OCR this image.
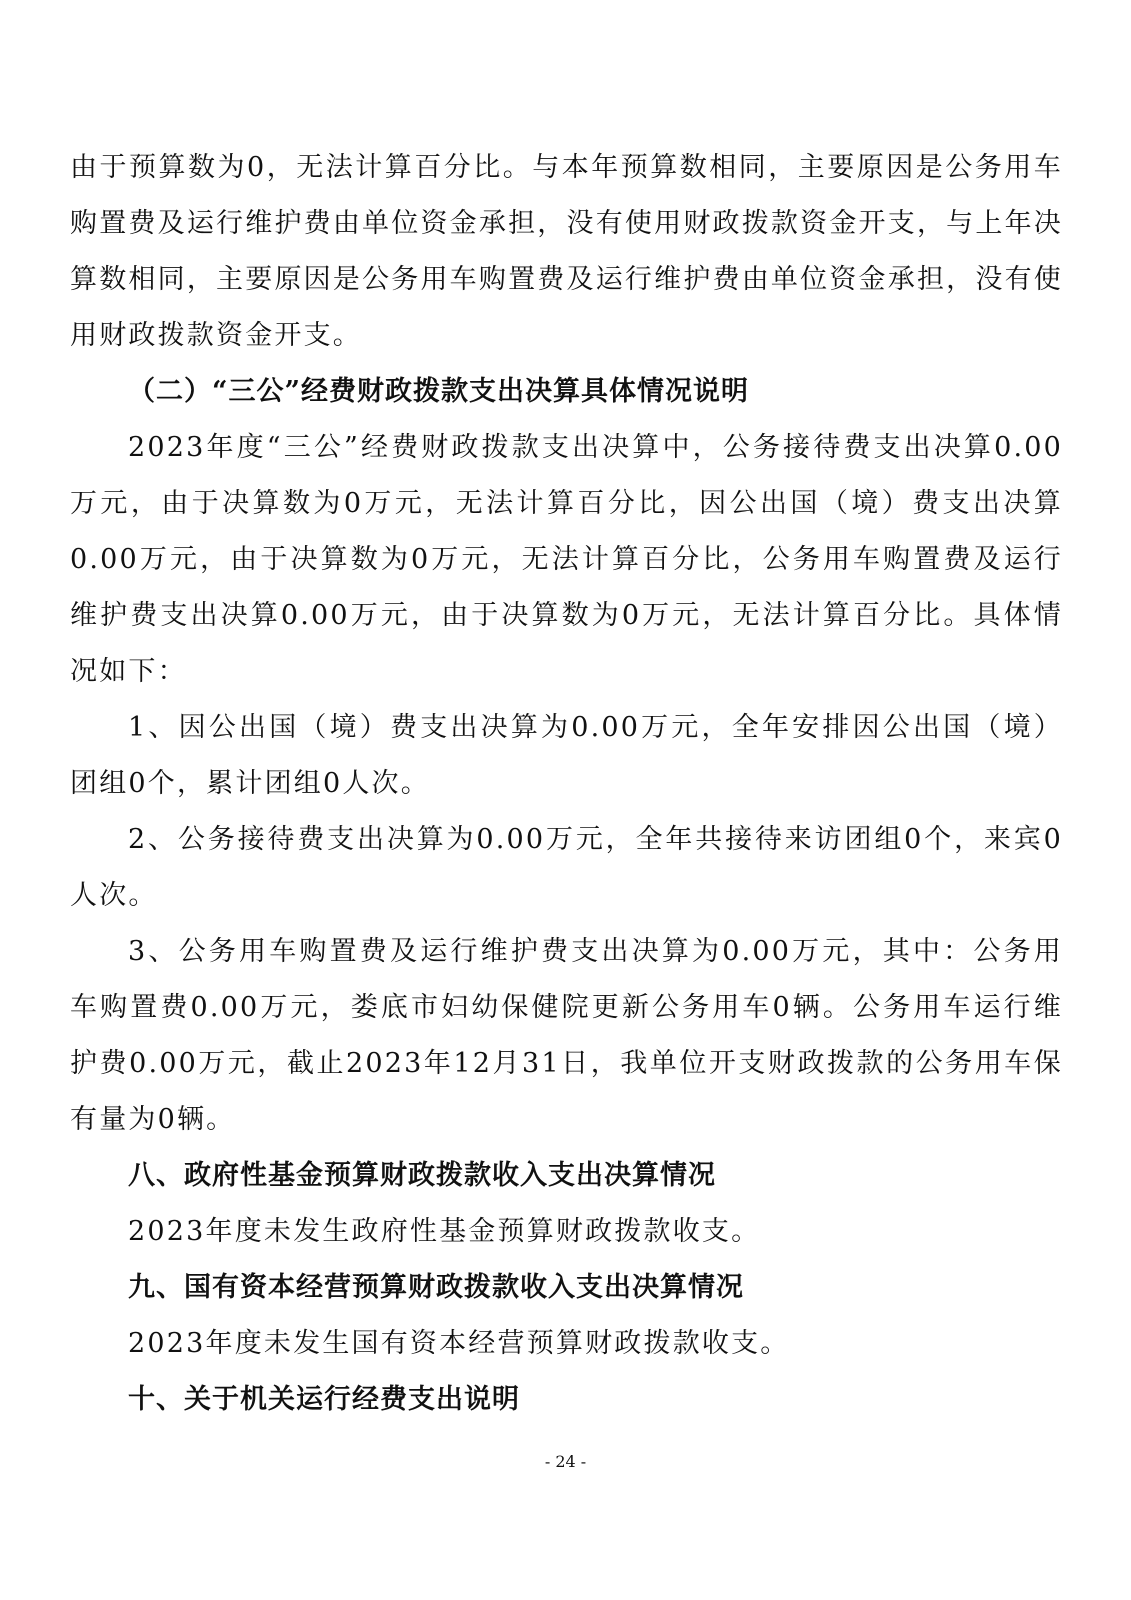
由于预算数为0，无法计算百分比。与本年预算数相同，主要原因是公务用车购置费及运行维护费由单位资金承担，没有使用财政拨款资金开支，与上年决算数相同，主要原因是公务用车购置费及运行维护费由单位资金承担，没有使用财政拨款资金开支。

（二）“三公”经费财政拨款支出决算具体情况说明

2023年度“三公”经费财政拨款支出决算中，公务接待费支出决算0.00万元，由于决算数为0万元，无法计算百分比，因公出国（境）费支出决算0.00万元，由于决算数为0万元，无法计算百分比，公务用车购置费及运行维护费支出决算0.00万元，由于决算数为0万元，无法计算百分比。具体情况如下：

1、因公出国（境）费支出决算为0.00万元，全年安排因公出国（境）团组0个，累计团组0人次。

2、公务接待费支出决算为0.00万元，全年共接待来访团组0个，来宾0人次。

3、公务用车购置费及运行维护费支出决算为0.00万元，其中：公务用车购置费0.00万元，娄底市妇幼保健院更新公务用车0辆。公务用车运行维护费0.00万元，截止2023年12月31日，我单位开支财政拨款的公务用车保有量为0辆。

八、政府性基金预算财政拨款收入支出决算情况

2023年度未发生政府性基金预算财政拨款收支。

九、国有资本经营预算财政拨款收入支出决算情况

2023年度未发生国有资本经营预算财政拨款收支。

十、关于机关运行经费支出说明

- 24 -
